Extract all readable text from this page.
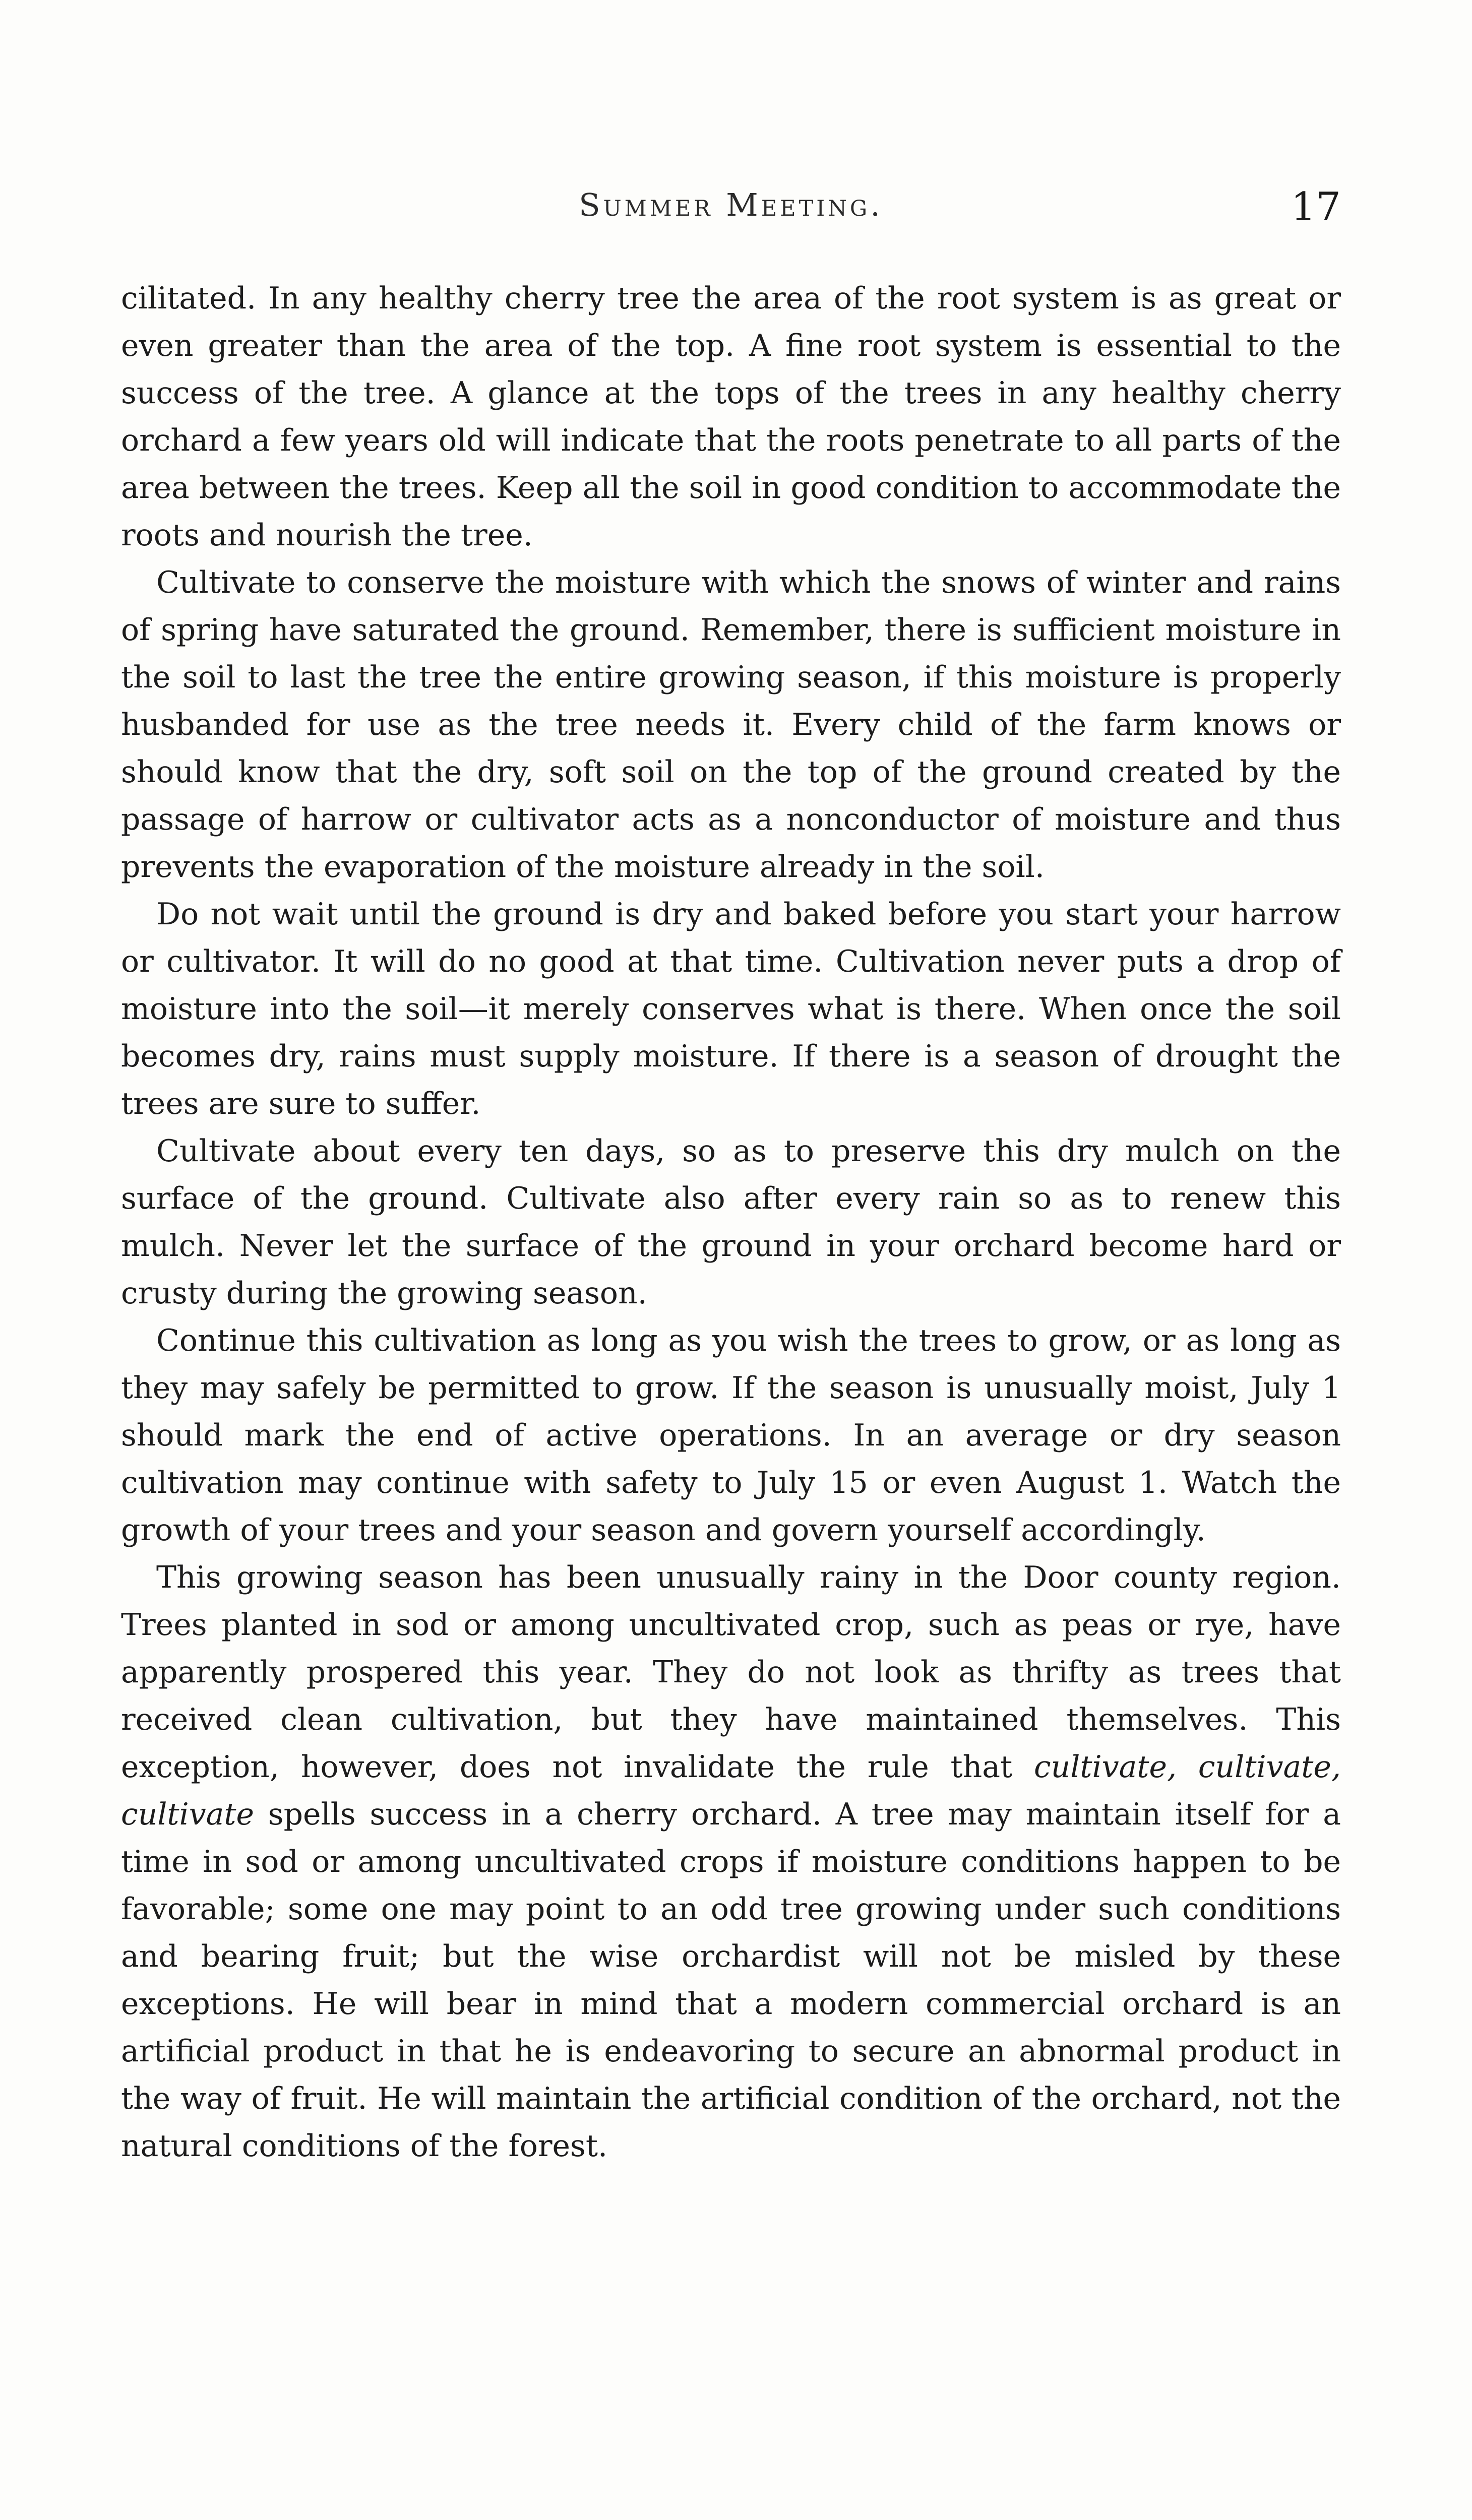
Summer Meeting.	17

cilitated. In any healthy cherry tree the area of the root system is as great or even greater than the area of the top. A fine root system is essential to the success of the tree. A glance at the tops of the trees in any healthy cherry orchard a few years old will indicate that the roots penetrate to all parts of the area between the trees. Keep all the soil in good condition to accommodate the roots and nourish the tree.

Cultivate to conserve the moisture with which the snows of winter and rains of spring have saturated the ground. Remember, there is sufficient moisture in the soil to last the tree the entire growing season, if this moisture is properly husbanded for use as the tree needs it. Every child of the farm knows or should know that the dry, soft soil on the top of the ground created by the passage of harrow or cultivator acts as a nonconductor of moisture and thus prevents the evaporation of the moisture already in the soil.

Do not wait until the ground is dry and baked before you start your harrow or cultivator. It will do no good at that time. Cultivation never puts a drop of moisture into the soil—it merely conserves what is there. When once the soil becomes dry, rains must supply moisture. If there is a season of drought the trees are sure to suffer.

Cultivate about every ten days, so as to preserve this dry mulch on the surface of the ground. Cultivate also after every rain so as to renew this mulch. Never let the surface of the ground in your orchard become hard or crusty during the growing season.

Continue this cultivation as long as you wish the trees to grow, or as long as they may safely be permitted to grow. If the season is unusually moist, July 1 should mark the end of active operations. In an average or dry season cultivation may continue with safety to July 15 or even August 1. Watch the growth of your trees and your season and govern yourself accordingly.

This growing season has been unusually rainy in the Door county region. Trees planted in sod or among uncultivated crop, such as peas or rye, have apparently prospered this year. They do not look as thrifty as trees that received clean cultivation, but they have maintained themselves. This exception, however, does not invalidate the rule that cultivate, cultivate, cultivate spells success in a cherry orchard. A tree may maintain itself for a time in sod or among uncultivated crops if moisture conditions happen to be favorable; some one may point to an odd tree growing under such conditions and bearing fruit; but the wise orchardist will not be misled by these exceptions. He will bear in mind that a modern commercial orchard is an artificial product in that he is endeavoring to secure an abnormal product in the way of fruit. He will maintain the artificial condition of the orchard, not the natural conditions of the forest.
